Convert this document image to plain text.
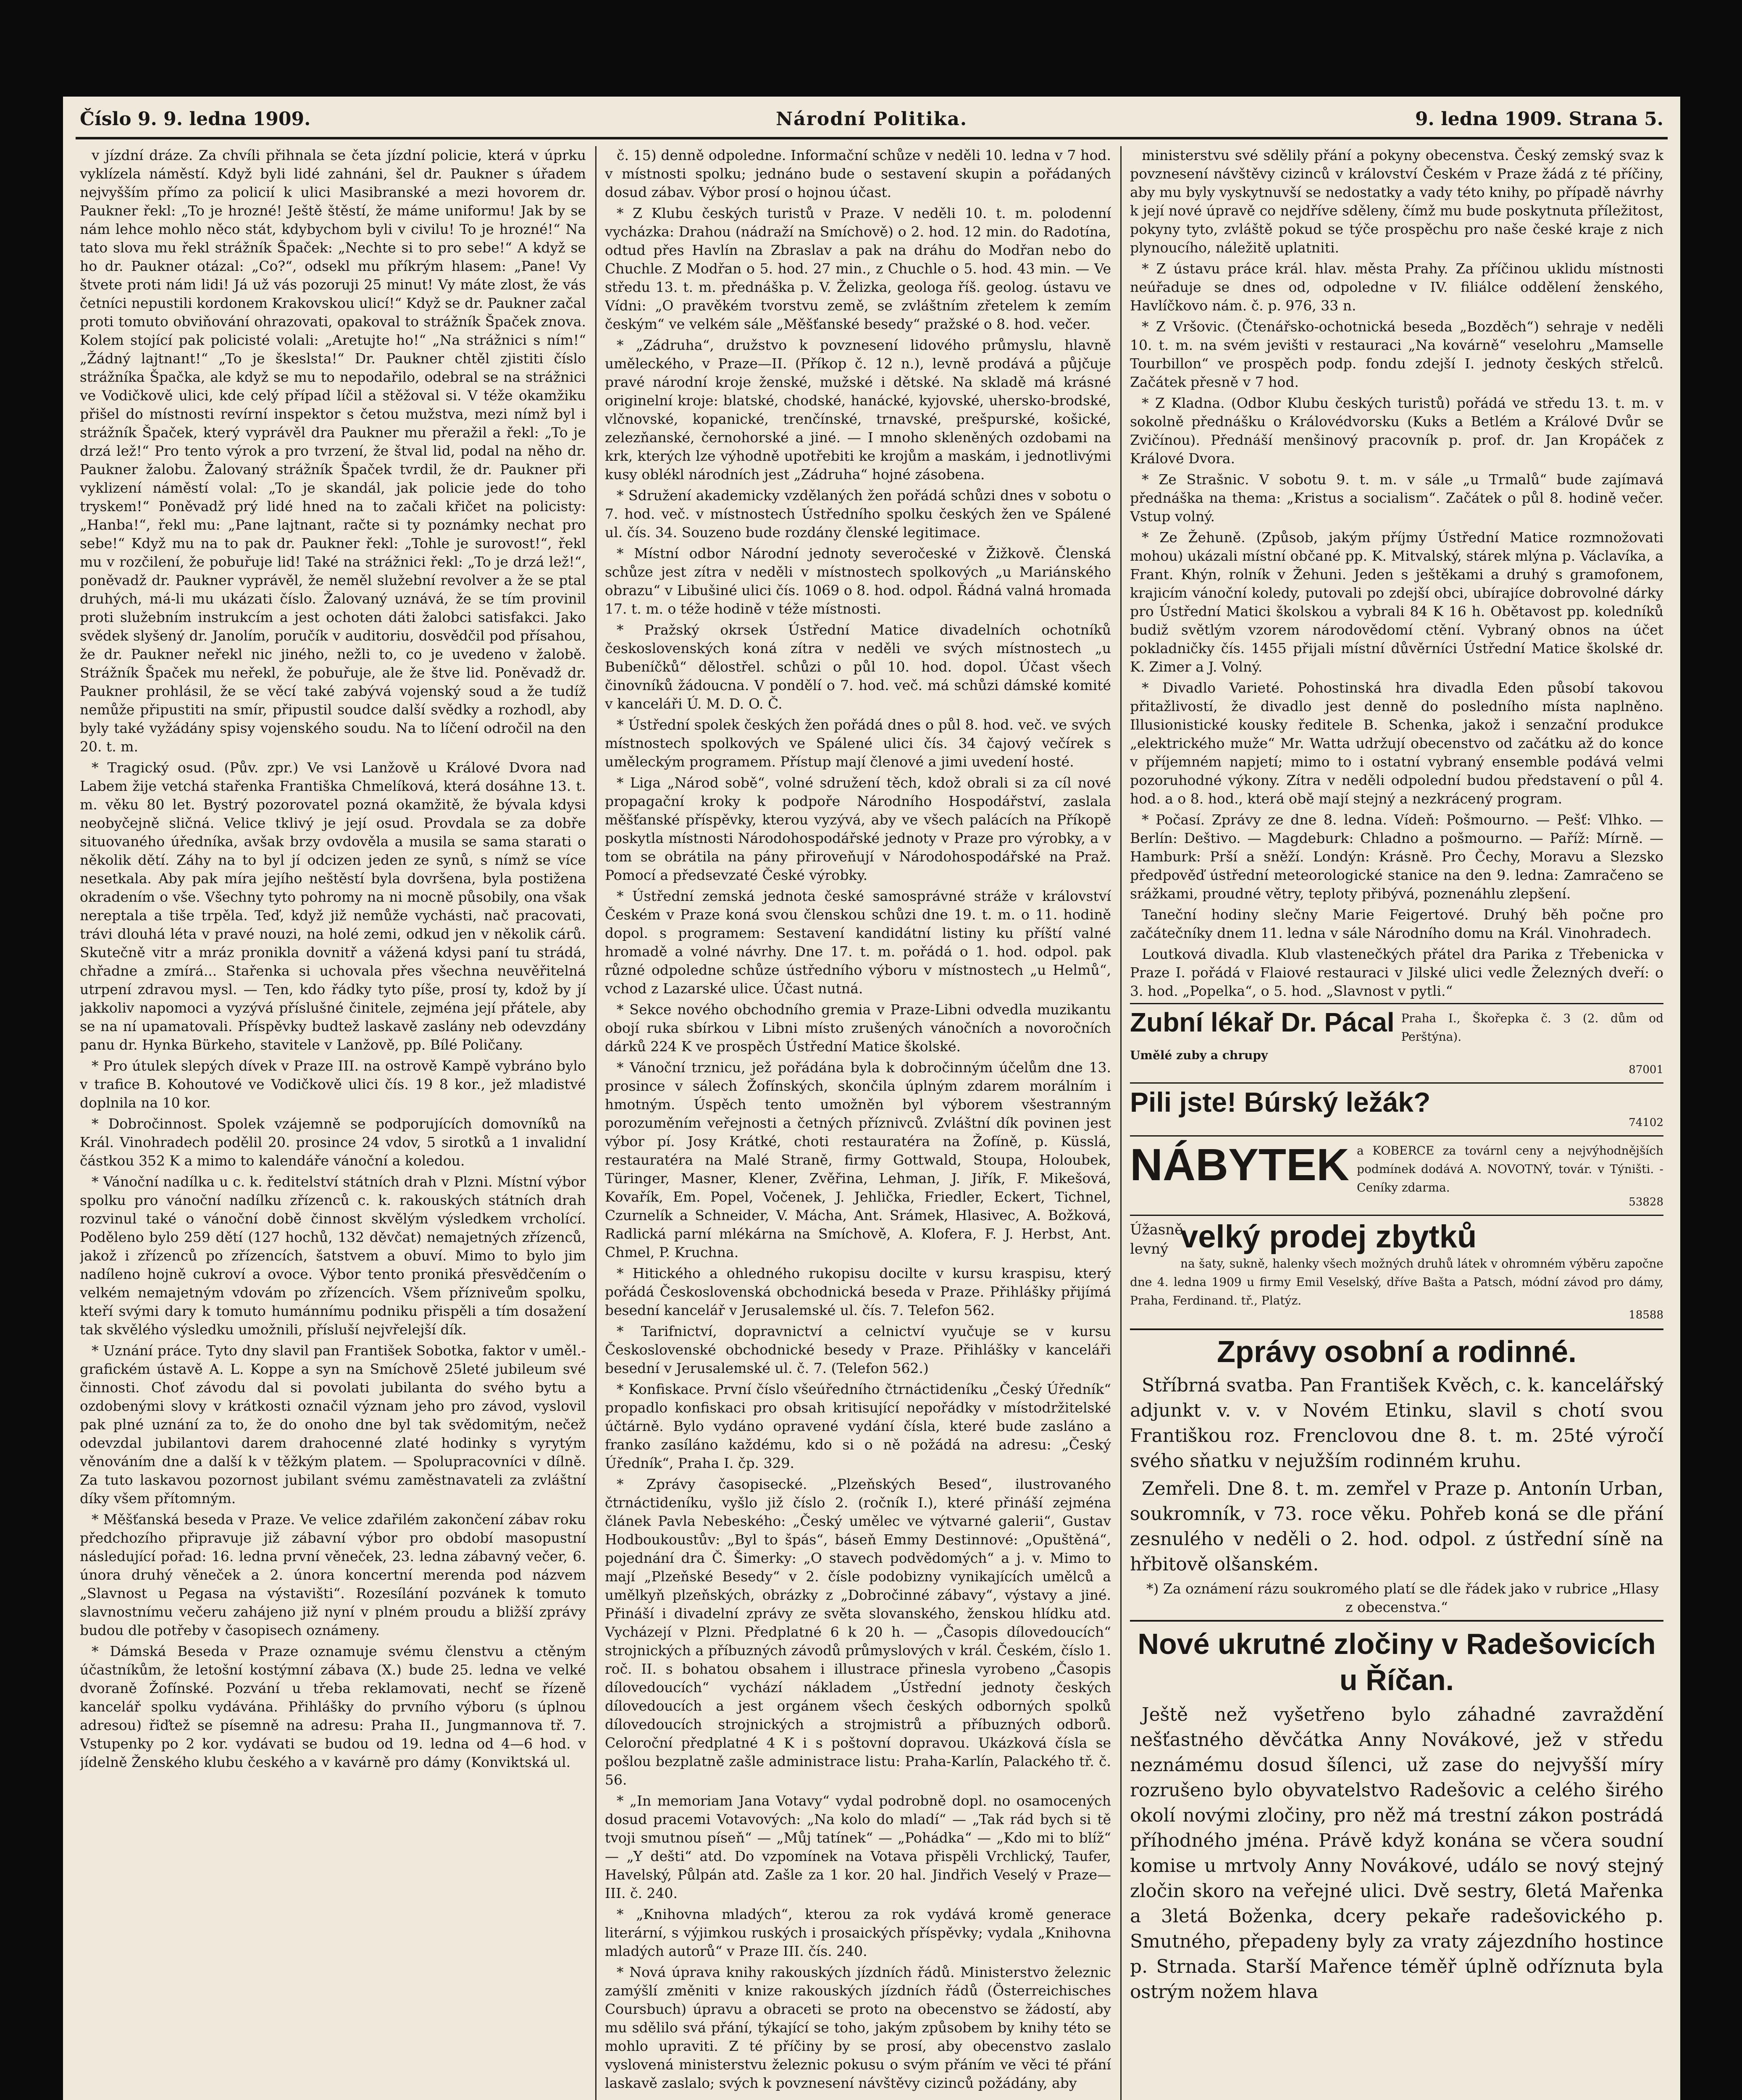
Číslo 9. 9. ledna 1909.	Národní Politika.	9. ledna 1909. Strana 5.

v jízdní dráze. Za chvíli přihnala se četa jízdní policie, která v úprku vyklízela náměstí. Když byli lidé zahnáni, šel dr. Paukner s úřadem nejvyšším přímo za policií k ulici Masibranské a mezi hovorem dr. Paukner řekl: „To je hrozné! Ještě štěstí, že máme uniformu! Jak by se nám lehce mohlo něco stát, kdybychom byli v civilu! To je hrozné!“ Na tato slova mu řekl strážník Špaček: „Nechte si to pro sebe!“ A když se ho dr. Paukner otázal: „Co?“, odsekl mu příkrým hlasem: „Pane! Vy štvete proti nám lidi! Já už vás pozoruji 25 minut! Vy máte zlost, že vás četníci nepustili kordonem Krakovskou ulicí!“ Když se dr. Paukner začal proti tomuto obviňování ohrazovati, opakoval to strážník Špaček znova. Kolem stojící pak policisté volali: „Aretujte ho!“ „Na strážnici s ním!“ „Žádný lajtnant!“ „To je škeslsta!“ Dr. Paukner chtěl zjistiti číslo strážníka Špačka, ale když se mu to nepodařilo, odebral se na strážnici ve Vodičkově ulici, kde celý případ líčil a stěžoval si. V téže okamžiku přišel do místnosti revírní inspektor s četou mužstva, mezi nímž byl i strážník Špaček, který vyprávěl dra Paukner mu přeražil a řekl: „To je drzá lež!“ Pro tento výrok a pro tvrzení, že štval lid, podal na něho dr. Paukner žalobu. Žalovaný strážník Špaček tvrdil, že dr. Paukner při vyklizení náměstí volal: „To je skandál, jak policie jede do toho tryskem!“ Poněvadž prý lidé hned na to začali křičet na policisty: „Hanba!“, řekl mu: „Pane lajtnant, račte si ty poznámky nechat pro sebe!“ Když mu na to pak dr. Paukner řekl: „Tohle je surovost!“, řekl mu v rozčilení, že pobuřuje lid! Také na strážnici řekl: „To je drzá lež!“, poněvadž dr. Paukner vyprávěl, že neměl služební revolver a že se ptal druhých, má-li mu ukázati číslo. Žalovaný uznává, že se tím provinil proti služebním instrukcím a jest ochoten dáti žalobci satisfakci. Jako svědek slyšený dr. Janolím, poručík v auditoriu, dosvědčil pod přísahou, že dr. Paukner neřekl nic jiného, nežli to, co je uvedeno v žalobě. Strážník Špaček mu neřekl, že pobuřuje, ale že štve lid. Poněvadž dr. Paukner prohlásil, že se věcí také zabývá vojenský soud a že tudíž nemůže připustiti na smír, připustil soudce další svědky a rozhodl, aby byly také vyžádány spisy vojenského soudu. Na to líčení odročil na den 20. t. m.

* Tragický osud. (Pův. zpr.) Ve vsi Lanžově u Králové Dvora nad Labem žije vetchá stařenka Františka Chmelíková, která dosáhne 13. t. m. věku 80 let. Bystrý pozorovatel pozná okamžitě, že bývala kdysi neobyčejně sličná. Velice tklivý je její osud. Provdala se za dobře situovaného úředníka, avšak brzy ovdověla a musila se sama starati o několik dětí. Záhy na to byl jí odcizen jeden ze synů, s nímž se více nesetkala. Aby pak míra jejího neštěstí byla dovršena, byla postižena okradením o vše. Všechny tyto pohromy na ni mocně působily, ona však nereptala a tiše trpěla. Teď, když již nemůže vychásti, nač pracovati, trávi dlouhá léta v pravé nouzi, na holé zemi, odkud jen v několik cárů. Skutečně vitr a mráz pronikla dovnitř a vážená kdysi paní tu strádá, chřadne a zmírá... Stařenka si uchovala přes všechna neuvěřitelná utrpení zdravou mysl. — Ten, kdo řádky tyto píše, prosí ty, kdož by jí jakkoliv napomoci a vyzývá příslušné činitele, zejména její přátele, aby se na ní upamatovali. Příspěvky budtež laskavě zaslány neb odevzdány panu dr. Hynka Bürkeho, stavitele v Lanžově, pp. Bílé Poličany.

* Pro útulek slepých dívek v Praze III. na ostrově Kampě vybráno bylo v trafice B. Kohoutové ve Vodičkově ulici čís. 19 8 kor., jež mladistvé doplnila na 10 kor.

* Dobročinnost. Spolek vzájemně se podporujících domovníků na Král. Vinohradech podělil 20. prosince 24 vdov, 5 sirotků a 1 invalidní částkou 352 K a mimo to kalendáře vánoční a koledou.

* Vánoční nadílka u c. k. ředitelství státních drah v Plzni. Místní výbor spolku pro vánoční nadílku zřízenců c. k. rakouských státních drah rozvinul také o vánoční době činnost skvělým výsledkem vrcholící. Poděleno bylo 259 dětí (127 hochů, 132 děvčat) nemajetných zřízenců, jakož i zřízenců po zřízencích, šatstvem a obuví. Mimo to bylo jim nadíleno hojně cukroví a ovoce. Výbor tento proniká přesvědčením o velkém nemajetným vdovám po zřízencích. Všem přízniveům spolku, kteří svými dary k tomuto humánnímu podniku přispěli a tím dosažení tak skvělého výsledku umožnili, přísluší nejvřelejší dík.

* Uznání práce. Tyto dny slavil pan František Sobotka, faktor v uměl.-grafickém ústavě A. L. Koppe a syn na Smíchově 25leté jubileum své činnosti. Choť závodu dal si povolati jubilanta do svého bytu a ozdobenými slovy v krátkosti označil význam jeho pro závod, vyslovil pak plné uznání za to, že do onoho dne byl tak svědomitým, nečež odevzdal jubilantovi darem drahocenné zlaté hodinky s vyrytým věnováním dne a další k v těžkým platem. — Spolupracovníci v dílně. Za tuto laskavou pozornost jubilant svému zaměstnavateli za zvláštní díky všem přítomným.

* Měšťanská beseda v Praze. Ve velice zdařilém zakončení zábav roku předchozího připravuje již zábavní výbor pro období masopustní následující pořad: 16. ledna první věneček, 23. ledna zábavný večer, 6. února druhý věneček a 2. února koncertní merenda pod názvem „Slavnost u Pegasa na výstavišti“. Rozesílání pozvánek k tomuto slavnostnímu večeru zahájeno již nyní v plném proudu a bližší zprávy budou dle potřeby v časopisech oznámeny.

* Dámská Beseda v Praze oznamuje svému členstvu a ctěným účastníkům, že letošní kostýmní zábava (X.) bude 25. ledna ve velké dvoraně Žofínské. Pozvání u třeba reklamovati, nechť se řízeně kancelář spolku vydávána. Přihlášky do prvního výboru (s úplnou adresou) řiďtež se písemně na adresu: Praha II., Jungmannova tř. 7. Vstupenky po 2 kor. vydávati se budou od 19. ledna od 4—6 hod. v jídelně Ženského klubu českého a v kavárně pro dámy (Konviktská ul.

č. 15) denně odpoledne. Informační schůze v neděli 10. ledna v 7 hod. v místnosti spolku; jednáno bude o sestavení skupin a pořádaných dosud zábav. Výbor prosí o hojnou účast.

* Z Klubu českých turistů v Praze. V neděli 10. t. m. polodenní vycházka: Drahou (nádraží na Smíchově) o 2. hod. 12 min. do Radotína, odtud přes Havlín na Zbraslav a pak na dráhu do Modřan nebo do Chuchle. Z Modřan o 5. hod. 27 min., z Chuchle o 5. hod. 43 min. — Ve středu 13. t. m. přednáška p. V. Želizka, geologa říš. geolog. ústavu ve Vídni: „O pravěkém tvorstvu země, se zvláštním zřetelem k zemím českým“ ve velkém sále „Měšťanské besedy“ pražské o 8. hod. večer.

* „Zádruha“, družstvo k povznesení lidového průmyslu, hlavně uměleckého, v Praze—II. (Příkop č. 12 n.), levně prodává a půjčuje pravé národní kroje ženské, mužské i dětské. Na skladě má krásné originelní kroje: blatské, chodské, hanácké, kyjovské, uhersko-brodské, vlčnovské, kopanické, trenčínské, trnavské, prešpurské, košické, zelezňanské, černohorské a jiné. — I mnoho skleněných ozdobami na krk, kterých lze výhodně upotřebiti ke krojům a maskám, i jednotlivými kusy oblékl národních jest „Zádruha“ hojné zásobena.

* Sdružení akademicky vzdělaných žen pořádá schůzi dnes v sobotu o 7. hod. več. v místnostech Ústředního spolku českých žen ve Spálené ul. čís. 34. Souzeno bude rozdány členské legitimace.

* Místní odbor Národní jednoty severočeské v Žižkově. Členská schůze jest zítra v neděli v místnostech spolkových „u Mariánského obrazu“ v Libušiné ulici čís. 1069 o 8. hod. odpol. Řádná valná hromada 17. t. m. o téže hodině v téže místnosti.

* Pražský okrsek Ústřední Matice divadelních ochotníků československých koná zítra v neděli ve svých místnostech „u Bubeníčků“ dělostřel. schůzi o půl 10. hod. dopol. Účast všech činovníků žádoucna. V pondělí o 7. hod. več. má schůzi dámské komité v kanceláři Ú. M. D. O. Č.

* Ústřední spolek českých žen pořádá dnes o půl 8. hod. več. ve svých místnostech spolkových ve Spálené ulici čís. 34 čajový večírek s uměleckým programem. Přístup mají členové a jimi uvedení hosté.

* Liga „Národ sobě“, volné sdružení těch, kdož obrali si za cíl nové propagační kroky k podpoře Národního Hospodářství, zaslala měšťanské příspěvky, kterou vyzývá, aby ve všech palácích na Příkopě poskytla místnosti Národohospodářské jednoty v Praze pro výrobky, a v tom se obrátila na pány přiroveňují v Národohospodářské na Praž. Pomocí a předsevzaté České výrobky.

* Ústřední zemská jednota české samosprávné stráže v království Českém v Praze koná svou členskou schůzi dne 19. t. m. o 11. hodině dopol. s programem: Sestavení kandidátní listiny ku příští valné hromadě a volné návrhy. Dne 17. t. m. pořádá o 1. hod. odpol. pak různé odpoledne schůze ústředního výboru v místnostech „u Helmů“, vchod z Lazarské ulice. Účast nutná.

* Sekce nového obchodního gremia v Praze-Libni odvedla muzikantu obojí ruka sbírkou v Libni místo zrušených vánočních a novoročních dárků 224 K ve prospěch Ústřední Matice školské.

* Vánoční trznicu, jež pořádána byla k dobročinným účelům dne 13. prosince v sálech Žofínských, skončila úplným zdarem morálním i hmotným. Úspěch tento umožněn byl výborem všestranným porozuměním veřejnosti a četných příznivců. Zvláštní dík povinen jest výbor pí. Josy Krátké, choti restauratéra na Žofíně, p. Küsslá, restauratéra na Malé Straně, firmy Gottwald, Stoupa, Holoubek, Türinger, Masner, Klener, Zvěřina, Lehman, J. Jiřík, F. Mikešová, Kovařík, Em. Popel, Vočenek, J. Jehlička, Friedler, Eckert, Tichnel, Czurnelík a Schneider, V. Mácha, Ant. Srámek, Hlasivec, A. Božková, Radlická parní mlékárna na Smíchově, A. Klofera, F. J. Herbst, Ant. Chmel, P. Kruchna.

* Hitického a ohledného rukopisu docilte v kursu kraspisu, který pořádá Československá obchodnická beseda v Praze. Přihlášky přijímá besední kancelář v Jerusalemské ul. čís. 7. Telefon 562.

* Tarifnictví, dopravnictví a celnictví vyučuje se v kursu Československé obchodnické besedy v Praze. Přihlášky v kanceláři besední v Jerusalemské ul. č. 7. (Telefon 562.)

* Konfiskace. První číslo všeúředního čtrnáctideníku „Český Úředník“ propadlo konfiskaci pro obsah kritisující nepořádky v místodržitelské účtárně. Bylo vydáno opravené vydání čísla, které bude zasláno a franko zasíláno každému, kdo si o ně požádá na adresu: „Český Úředník“, Praha I. čp. 329.

* Zprávy časopisecké. „Plzeňských Besed“, ilustrovaného čtrnáctideníku, vyšlo již číslo 2. (ročník I.), které přináší zejména článek Pavla Nebeského: „Český umělec ve výtvarné galerii“, Gustav Hodboukoustův: „Byl to špás“, báseň Emmy Destinnové: „Opuštěná“, pojednání dra Č. Šimerky: „O stavech podvědomých“ a j. v. Mimo to mají „Plzeňské Besedy“ v 2. čísle podobizny vynikajících umělců a umělkyň plzeňských, obrázky z „Dobročinné zábavy“, výstavy a jiné. Přináší i divadelní zprávy ze světa slovanského, ženskou hlídku atd. Vycházejí v Plzni. Předplatné 6 k 20 h. — „Časopis dílovedoucích“ strojnických a příbuzných závodů průmyslových v král. Českém, číslo 1. roč. II. s bohatou obsahem i illustrace přinesla vyrobeno „Časopis dílovedoucích“ vychází nákladem „Ústřední jednoty českých dílovedoucích a jest orgánem všech českých odborných spolků dílovedoucích strojnických a strojmistrů a příbuzných odborů. Celoroční předplatné 4 K i s poštovní dopravou. Ukázková čísla se pošlou bezplatně zašle administrace listu: Praha-Karlín, Palackého tř. č. 56.

* „In memoriam Jana Votavy“ vydal podrobně dopl. no osamocených dosud pracemi Votavových: „Na kolo do mladí“ — „Tak rád bych si tě tvoji smutnou píseň“ — „Můj tatínek“ — „Pohádka“ — „Kdo mi to blíž“ — „Y dešti“ atd. Do vzpomínek na Votava přispěli Vrchlický, Taufer, Havelský, Půlpán atd. Zašle za 1 kor. 20 hal. Jindřich Veselý v Praze—III. č. 240.

* „Knihovna mladých“, kterou za rok vydává kromě generace literární, s výjimkou ruských i prosaických příspěvky; vydala „Knihovna mladých autorů“ v Praze III. čís. 240.

* Nová úprava knihy rakouských jízdních řádů. Ministerstvo železnic zamýšlí změniti v knize rakouských jízdních řádů (Österreichisches Coursbuch) úpravu a obraceti se proto na obecenstvo se žádostí, aby mu sdělilo svá přání, týkající se toho, jakým způsobem by knihy této se mohlo upraviti. Z té příčiny by se prosí, aby obecenstvo zaslalo vyslovená ministerstvu železnic pokusu o svým přáním ve věci té přání laskavě zaslalo; svých k povznesení návštěvy cizinců požádány, aby

ministerstvu své sdělily přání a pokyny obecenstva. Český zemský svaz k povznesení návštěvy cizinců v království Českém v Praze žádá z té příčiny, aby mu byly vyskytnuvší se nedostatky a vady této knihy, po případě návrhy k její nové úpravě co nejdříve sděleny, čímž mu bude poskytnuta příležitost, pokyny tyto, zvláště pokud se týče prospěchu pro naše české kraje z nich plynoucího, náležitě uplatniti.

* Z ústavu práce král. hlav. města Prahy. Za příčinou uklidu místnosti neúřaduje se dnes od, odpoledne v IV. filiálce oddělení ženského, Havlíčkovo nám. č. p. 976, 33 n.

* Z Vršovic. (Čtenářsko-ochotnická beseda „Bozděch“) sehraje v neděli 10. t. m. na svém jevišti v restauraci „Na kovárně“ veselohru „Mamselle Tourbillon“ ve prospěch podp. fondu zdejší I. jednoty českých střelců. Začátek přesně v 7 hod.

* Z Kladna. (Odbor Klubu českých turistů) pořádá ve středu 13. t. m. v sokolně přednášku o Královédvorsku (Kuks a Betlém a Králové Dvůr se Zvičínou). Přednáší menšinový pracovník p. prof. dr. Jan Kropáček z Králové Dvora.

* Ze Strašnic. V sobotu 9. t. m. v sále „u Trmalů“ bude zajímavá přednáška na thema: „Kristus a socialism“. Začátek o půl 8. hodině večer. Vstup volný.

* Ze Žehuně. (Způsob, jakým příjmy Ústřední Matice rozmnožovati mohou) ukázali místní občané pp. K. Mitvalský, stárek mlýna p. Václavíka, a Frant. Khýn, rolník v Žehuni. Jeden s ještěkami a druhý s gramofonem, krajicím vánoční koledy, putovali po zdejší obci, ubírajíce dobrovolné dárky pro Ústřední Matici školskou a vybrali 84 K 16 h. Obětavost pp. koledníků budiž světlým vzorem národovědomí ctění. Vybraný obnos na účet pokladničky čís. 1455 přijali místní důvěrníci Ústřední Matice školské dr. K. Zimer a J. Volný.

* Divadlo Varieté. Pohostinská hra divadla Eden působí takovou přitažlivostí, že divadlo jest denně do posledního místa naplněno. Illusionistické kousky ředitele B. Schenka, jakož i senzační produkce „elektrického muže“ Mr. Watta udržují obecenstvo od začátku až do konce v příjemném napjetí; mimo to i ostatní vybraný ensemble podává velmi pozoruhodné výkony. Zítra v neděli odpolední budou představení o půl 4. hod. a o 8. hod., která obě mají stejný a nezkrácený program.

* Počasí. Zprávy ze dne 8. ledna. Vídeň: Pošmourno. — Pešť: Vlhko. — Berlín: Deštivo. — Magdeburk: Chladno a pošmourno. — Paříž: Mírně. — Hamburk: Prší a sněží. Londýn: Krásně. Pro Čechy, Moravu a Slezsko předpověď ústřední meteorologické stanice na den 9. ledna: Zamračeno se srážkami, proudné větry, teploty přibývá, poznenáhlu zlepšení.

Taneční hodiny slečny Marie Feigertové. Druhý běh počne pro začátečníky dnem 11. ledna v sále Národního domu na Král. Vinohradech.

Loutková divadla. Klub vlastenečkých přátel dra Parika z Třebenicka v Praze I. pořádá v Flaiové restauraci v Jilské ulici vedle Železných dveří: o 3. hod. „Popelka“, o 5. hod. „Slavnost v pytli.“

Zubní lékař Dr. Pácal Praha I., Škořepka č. 3 (2. dům od Perštýna).
Umělé zuby a chrupy
87001
Pili jste! Búrský ležák?
74102
NÁBYTEK a KOBERCE za továrnl ceny a nejvýhodnějších podmínek dodává A. NOVOTNÝ, továr. v Týništi. - Ceníky zdarma.
53828
Úžasně levný velký prodej zbytků
na šaty, sukně, halenky všech možných druhů látek v ohromném výběru započne dne 4. ledna 1909 u firmy Emil Veselský, dříve Bašta a Patsch, módní závod pro dámy, Praha, Ferdinand. tř., Platýz.
18588
Zprávy osobní a rodinné.

Stříbrná svatba. Pan František Kvěch, c. k. kancelářský adjunkt v. v. v Novém Etinku, slavil s chotí svou Františkou roz. Frenclovou dne 8. t. m. 25té výročí svého sňatku v nejužším rodinném kruhu.

Zemřeli. Dne 8. t. m. zemřel v Praze p. Antonín Urban, soukromník, v 73. roce věku. Pohřeb koná se dle přání zesnulého v neděli o 2. hod. odpol. z ústřední síně na hřbitově olšanském.

*) Za oznámení rázu soukromého platí se dle řádek jako v rubrice „Hlasy z obecenstva.“

Nové ukrutné zločiny v Radešovicích u Říčan.

Ještě než vyšetřeno bylo záhadné zavraždění nešťastného děvčátka Anny Novákové, jež v středu neznámému dosud šílenci, už zase do nejvyšší míry rozrušeno bylo obyvatelstvo Radešovic a celého širého okolí novými zločiny, pro něž má trestní zákon postrádá příhodného jména. Právě když konána se včera soudní komise u mrtvoly Anny Novákové, událo se nový stejný zločin skoro na veřejné ulici. Dvě sestry, 6letá Mařenka a 3letá Boženka, dcery pekaře radešovického p. Smutného, přepadeny byly za vraty zájezdního hostince p. Strnada. Starší Mařence téměř úplně odříznuta byla ostrým nožem hlava
